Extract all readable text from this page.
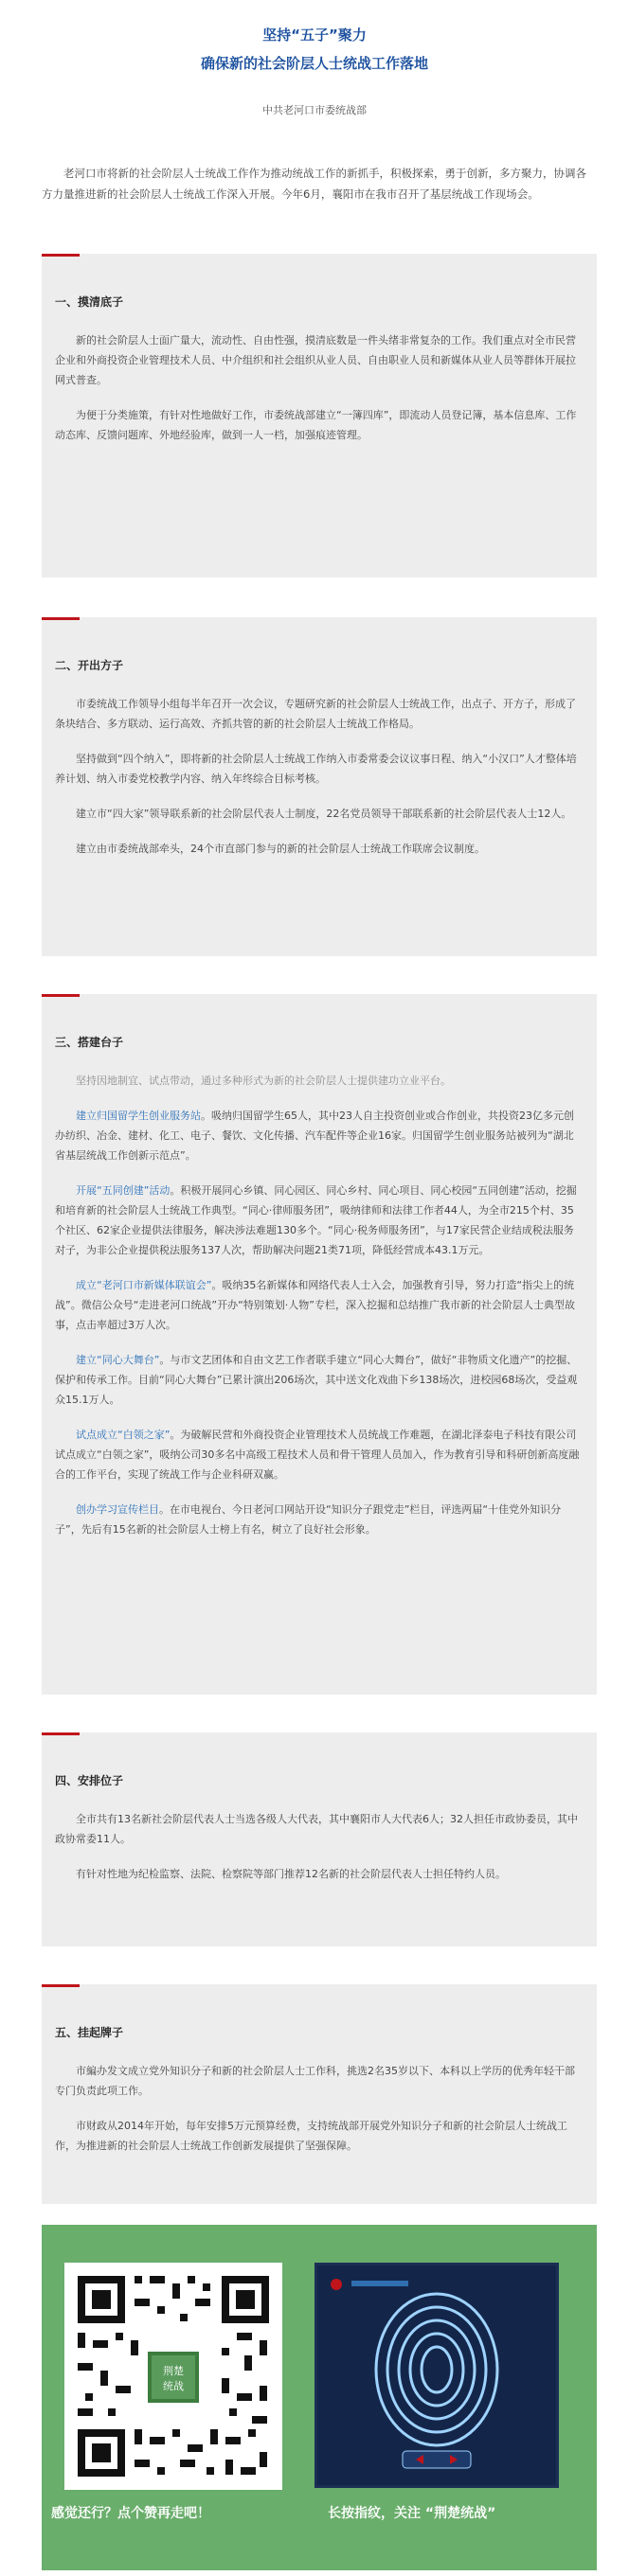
坚持“五子”聚力
确保新的社会阶层人士统战工作落地
中共老河口市委统战部

老河口市将新的社会阶层人士统战工作作为推动统战工作的新抓手，积极探索，勇于创新，多方聚力，协调各方力量推进新的社会阶层人士统战工作深入开展。今年6月，襄阳市在我市召开了基层统战工作现场会。

一、摸清底子

新的社会阶层人士面广量大，流动性、自由性强，摸清底数是一件头绪非常复杂的工作。我们重点对全市民营企业和外商投资企业管理技术人员、中介组织和社会组织从业人员、自由职业人员和新媒体从业人员等群体开展拉网式普查。

为便于分类施策，有针对性地做好工作，市委统战部建立“一簿四库”，即流动人员登记簿，基本信息库、工作动态库、反馈问题库、外地经验库，做到一人一档，加强痕迹管理。

二、开出方子

市委统战工作领导小组每半年召开一次会议，专题研究新的社会阶层人士统战工作，出点子、开方子，形成了条块结合、多方联动、运行高效、齐抓共管的新的社会阶层人士统战工作格局。

坚持做到“四个纳入”，即将新的社会阶层人士统战工作纳入市委常委会议议事日程、纳入“小汉口”人才整体培养计划、纳入市委党校教学内容、纳入年终综合目标考核。

建立市“四大家”领导联系新的社会阶层代表人士制度，22名党员领导干部联系新的社会阶层代表人士12人。

建立由市委统战部牵头，24个市直部门参与的新的社会阶层人士统战工作联席会议制度。

三、搭建台子

坚持因地制宜、试点带动，通过多种形式为新的社会阶层人士提供建功立业平台。

建立归国留学生创业服务站。吸纳归国留学生65人，其中23人自主投资创业或合作创业，共投资23亿多元创办纺织、冶金、建材、化工、电子、餐饮、文化传播、汽车配件等企业16家。归国留学生创业服务站被列为“湖北省基层统战工作创新示范点”。

开展“五同创建”活动。积极开展同心乡镇、同心园区、同心乡村、同心项目、同心校园“五同创建”活动，挖掘和培育新的社会阶层人士统战工作典型。“同心·律师服务团”，吸纳律师和法律工作者44人，为全市215个村、35个社区、62家企业提供法律服务，解决涉法难题130多个。“同心·税务师服务团”，与17家民营企业结成税法服务对子，为非公企业提供税法服务137人次，帮助解决问题21类71项，降低经营成本43.1万元。

成立“老河口市新媒体联谊会”。吸纳35名新媒体和网络代表人士入会，加强教育引导，努力打造“指尖上的统战”。微信公众号“走进老河口统战”开办“特别策划·人物”专栏，深入挖掘和总结推广我市新的社会阶层人士典型故事，点击率超过3万人次。

建立“同心大舞台”。与市文艺团体和自由文艺工作者联手建立“同心大舞台”，做好“非物质文化遗产”的挖掘、保护和传承工作。目前“同心大舞台”已累计演出206场次，其中送文化戏曲下乡138场次，进校园68场次，受益观众15.1万人。

试点成立“白领之家”。为破解民营和外商投资企业管理技术人员统战工作难题，在湖北泽泰电子科技有限公司试点成立“白领之家”，吸纳公司30多名中高级工程技术人员和骨干管理人员加入，作为教育引导和科研创新高度融合的工作平台，实现了统战工作与企业科研双赢。

创办学习宣传栏目。在市电视台、今日老河口网站开设“知识分子跟党走”栏目，评选两届“十佳党外知识分子”，先后有15名新的社会阶层人士榜上有名，树立了良好社会形象。

四、安排位子

全市共有13名新社会阶层代表人士当选各级人大代表，其中襄阳市人大代表6人；32人担任市政协委员，其中政协常委11人。

有针对性地为纪检监察、法院、检察院等部门推荐12名新的社会阶层代表人士担任特约人员。

五、挂起牌子

市編办发文成立党外知识分子和新的社会阶层人士工作科，挑选2名35岁以下、本科以上学历的优秀年轻干部专门负责此项工作。

市财政从2014年开始，每年安排5万元预算经费，支持统战部开展党外知识分子和新的社会阶层人士统战工作，为推进新的社会阶层人士统战工作创新发展提供了坚强保障。

荆楚
统战
感觉还行？点个赞再走吧！	长按指纹，关注 “荆楚统战”
